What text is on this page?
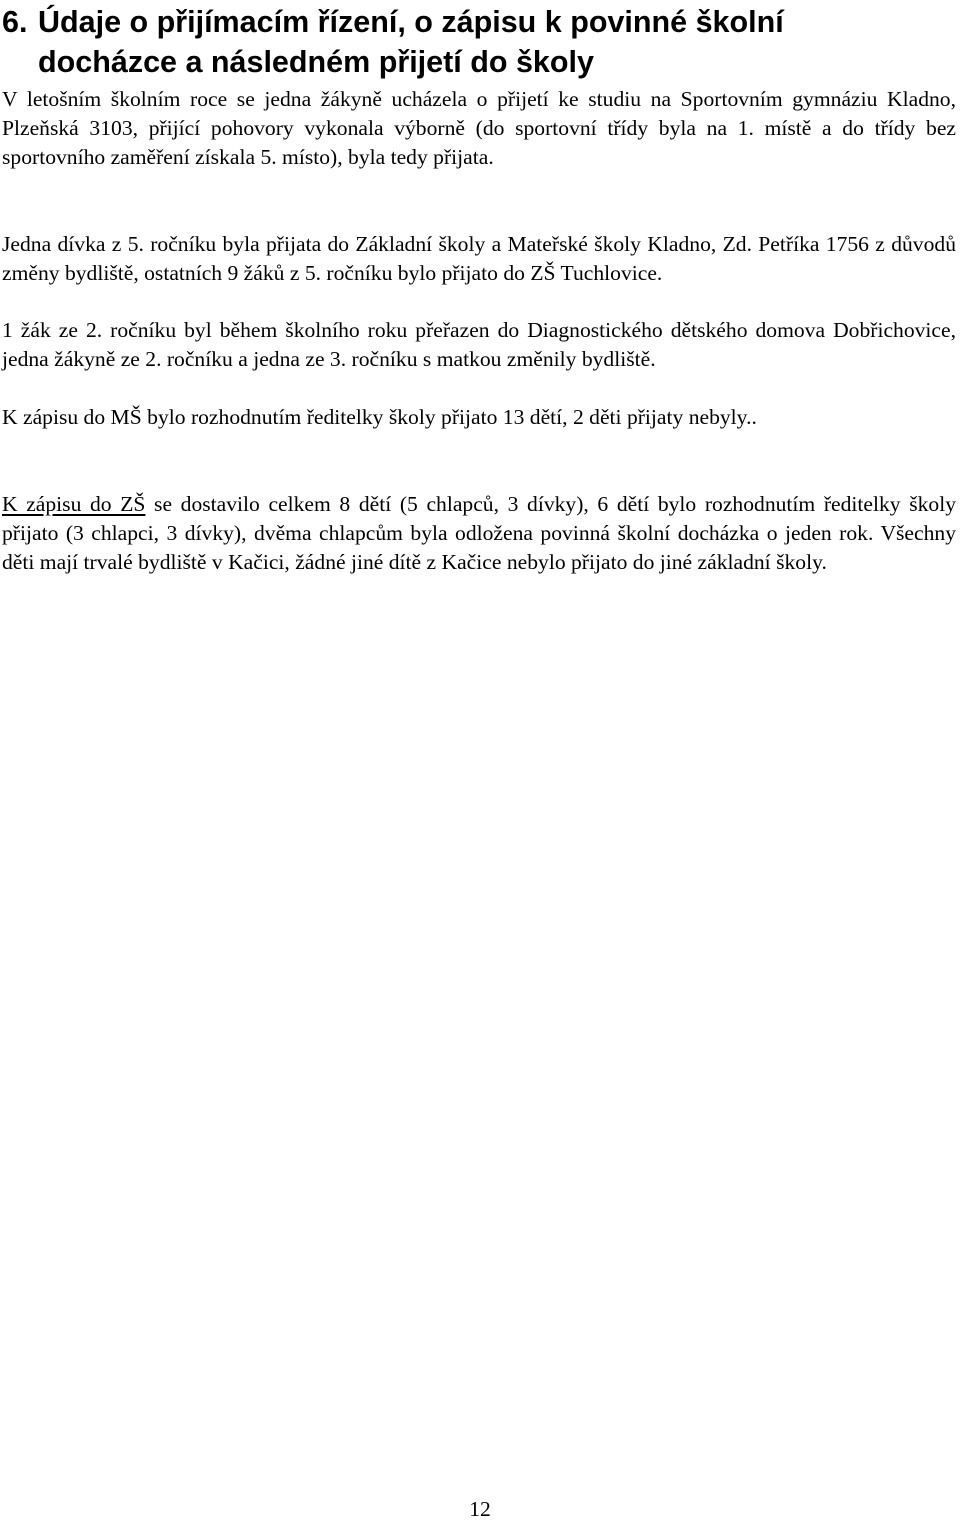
6. Údaje o přijímacím řízení, o zápisu k povinné školní
docházce a následném přijetí do školy

V letošním školním roce se jedna žákyně ucházela o přijetí ke studiu na Sportovním gymnáziu Kladno, Plzeňská 3103, přijící pohovory vykonala výborně (do sportovní třídy byla na 1. místě a do třídy bez sportovního zaměření získala 5. místo), byla tedy přijata.

Jedna dívka z 5. ročníku byla přijata do Základní školy a Mateřské školy Kladno, Zd. Petříka 1756 z důvodů změny bydliště, ostatních 9 žáků z 5. ročníku bylo přijato do ZŠ Tuchlovice.

1 žák ze 2. ročníku byl během školního roku přeřazen do Diagnostického dětského domova Dobřichovice, jedna žákyně ze 2. ročníku a jedna ze 3. ročníku s matkou změnily bydliště.

K zápisu do MŠ bylo rozhodnutím ředitelky školy přijato 13 dětí, 2 děti přijaty nebyly..

K zápisu do ZŠ se dostavilo celkem 8 dětí (5 chlapců, 3 dívky), 6 dětí bylo rozhodnutím ředitelky školy přijato (3 chlapci, 3 dívky), dvěma chlapcům byla odložena povinná školní docházka o jeden rok. Všechny děti mají trvalé bydliště v Kačici, žádné jiné dítě z Kačice nebylo přijato do jiné základní školy.

12
